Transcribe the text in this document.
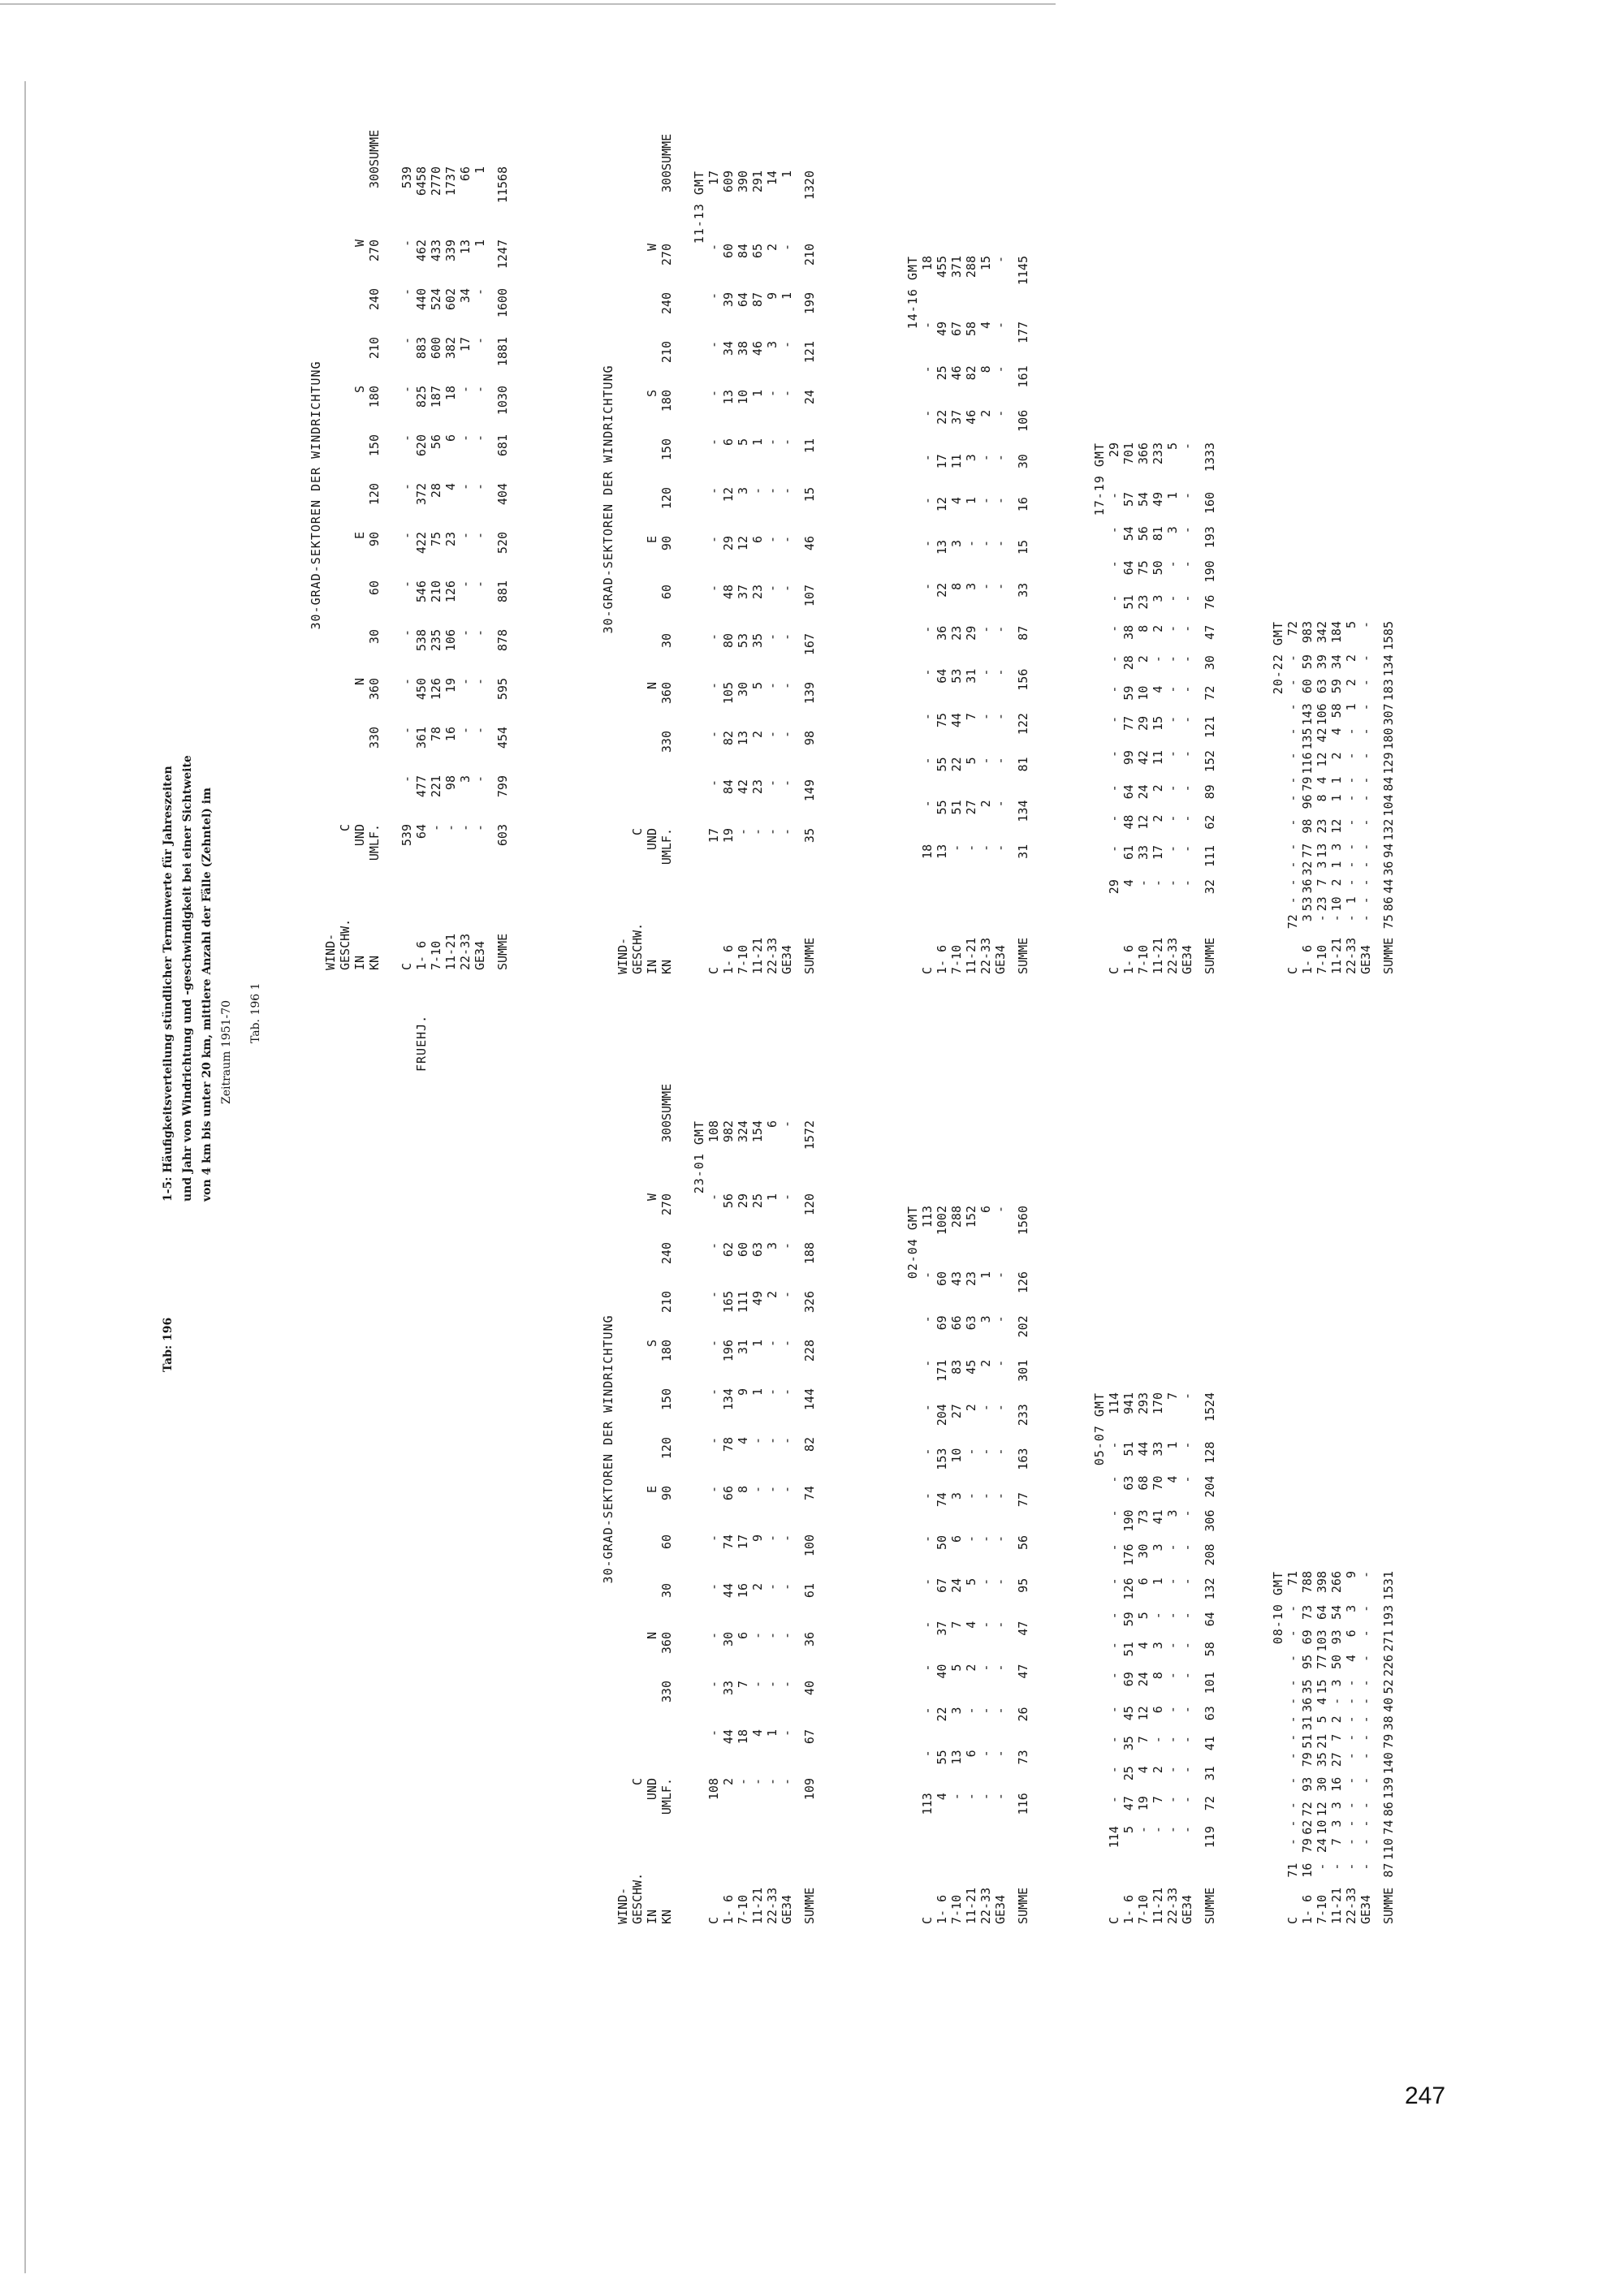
Tab: 1961-5: Häufigkeitsverteilung stündlicher Terminwerte für Jahreszeiten und Jahr von Windrichtung und -geschwindigkeit bei einer Sichtweite von 4 km bis unter 20 km, mittlere Anzahl der Fälle (Zehntel) im Zeitraum 1951-70 Tab. 196 1
		30-GRAD-SEKTOREN DER WINDRICHTUNG													
WIND-															
GESCHW.	C														
IN	UND			N			E			S			W		
KN	UMLF.		330	360	30	60	90	120	150	180	210	240	270	300	SUMME

C	539	-	-	-	-	-	-	-	-	-	-	-	-	539	
1- 6	64	477	361	450	538	546	422	372	620	825	883	440	462	6458	
7-10	-	221	78	126	235	210	75	28	56	187	600	524	433	2770	
11-21	-	98	16	19	106	126	23	4	6	18	382	602	339	1737	
22-33	-	3	-	-	-	-	-	-	-	-	17	34	13	66	
GE34	-	-	-	-	-	-	-	-	-	-	-	-	1	1	
SUMME	603	799	454	595	878	881	520	404	681	1030	1881	1600	1247	11568	
FRUEHJ.
		30-GRAD-SEKTOREN DER WINDRICHTUNG													
WIND-															
GESCHW.	C														
IN	UND			N			E			S			W		
KN	UMLF.		330	360	30	60	90	120	150	180	210	240	270	300	SUMME

		23-01 GMT													
C	108	-	-	-	-	-	-	-	-	-	-	-	-	108	
1- 6	2	44	33	30	44	74	66	78	134	196	165	62	56	982	
7-10	-	18	7	6	16	17	8	4	9	31	111	60	29	324	
11-21	-	4	-	-	2	9	-	-	1	1	49	63	25	154	
22-33	-	1	-	-	-	-	-	-	-	-	2	3	1	6	
GE34	-	-	-	-	-	-	-	-	-	-	-	-	-	-	
SUMME	109	67	40	36	61	100	74	82	144	228	326	188	120	1572	
		02-04 GMT												
C	113	-	-	-	-	-	-	-	-	-	-	-	-	113
1- 6	4	55	22	40	37	67	50	74	153	204	171	69	60	1002
7-10	-	13	3	5	7	24	6	3	10	27	83	66	43	288
11-21	-	6	-	2	4	5	-	-	-	2	45	63	23	152
22-33	-	-	-	-	-	-	-	-	-	-	2	3	1	6
GE34	-	-	-	-	-	-	-	-	-	-	-	-	-	-
SUMME	116	73	26	47	47	95	56	77	163	233	301	202	126	1560
		05-07 GMT												
C	114	-	-	-	-	-	-	-	-	-	-	-	-	114
1- 6	5	47	25	35	45	69	51	59	126	176	190	63	51	941
7-10	-	19	4	7	12	24	4	5	6	30	73	68	44	293
11-21	-	7	2	-	6	8	3	-	1	3	41	70	33	170
22-33	-	-	-	-	-	-	-	-	-	-	3	4	1	7
GE34	-	-	-	-	-	-	-	-	-	-	-	-	-	-
SUMME	119	72	31	41	63	101	58	64	132	208	306	204	128	1524
		08-10 GMT												
C	71	-	-	-	-	-	-	-	-	-	-	-	-	71
1- 6	16	79	62	72	93	79	51	31	36	35	95	69	73	788
7-10	-	24	10	12	30	35	21	5	4	15	77	103	64	398
11-21	-	7	3	3	16	27	7	2	-	3	50	93	54	266
22-33	-	-	-	-	-	-	-	-	-	-	4	6	3	9
GE34	-	-	-	-	-	-	-	-	-	-	-	-	-	-
SUMME	87	110	74	86	139	140	79	38	40	52	226	271	193	1531
		30-GRAD-SEKTOREN DER WINDRICHTUNG													
WIND-															
GESCHW.	C														
IN	UND			N			E			S			W		
KN	UMLF.		330	360	30	60	90	120	150	180	210	240	270	300	SUMME

		11-13 GMT													
C	17	-	-	-	-	-	-	-	-	-	-	-	-	17	
1- 6	19	84	82	105	80	48	29	12	6	13	34	39	60	609	
7-10	-	42	13	30	53	37	12	3	5	10	38	64	84	390	
11-21	-	23	2	5	35	23	6	-	1	1	46	87	65	291	
22-33	-	-	-	-	-	-	-	-	-	-	3	9	2	14	
GE34	-	-	-	-	-	-	-	-	-	-	-	1	-	1	
SUMME	35	149	98	139	167	107	46	15	11	24	121	199	210	1320	
		14-16 GMT												
C	18	-	-	-	-	-	-	-	-	-	-	-	-	18
1- 6	13	55	55	75	64	36	22	13	12	17	22	25	49	455
7-10	-	51	22	44	53	23	8	3	4	11	37	46	67	371
11-21	-	27	5	7	31	29	3	-	1	3	46	82	58	288
22-33	-	2	-	-	-	-	-	-	-	-	2	8	4	15
GE34	-	-	-	-	-	-	-	-	-	-	-	-	-	-
SUMME	31	134	81	122	156	87	33	15	16	30	106	161	177	1145
		17-19 GMT												
C	29	-	-	-	-	-	-	-	-	-	-	-	-	29
1- 6	4	61	48	64	99	77	59	28	38	51	64	54	57	701
7-10	-	33	12	24	42	29	10	2	8	23	75	56	54	366
11-21	-	17	2	2	11	15	4	-	2	3	50	81	49	233
22-33	-	-	-	-	-	-	-	-	-	-	-	3	1	5
GE34	-	-	-	-	-	-	-	-	-	-	-	-	-	-
SUMME	32	111	62	89	152	121	72	30	47	76	190	193	160	1333
		20-22 GMT												
C	72	-	-	-	-	-	-	-	-	-	-	-	-	72
1- 6	3	53	36	32	77	98	96	79	116	135	143	60	59	983
7-10	-	23	7	3	13	23	8	4	12	42	106	63	39	342
11-21	-	10	2	1	3	12	1	1	2	4	58	59	34	184
22-33	-	1	-	-	-	-	-	-	-	-	1	2	2	5
GE34	-	-	-	-	-	-	-	-	-	-	-	-	-	-
SUMME	75	86	44	36	94	132	104	84	129	180	307	183	134	1585
247
